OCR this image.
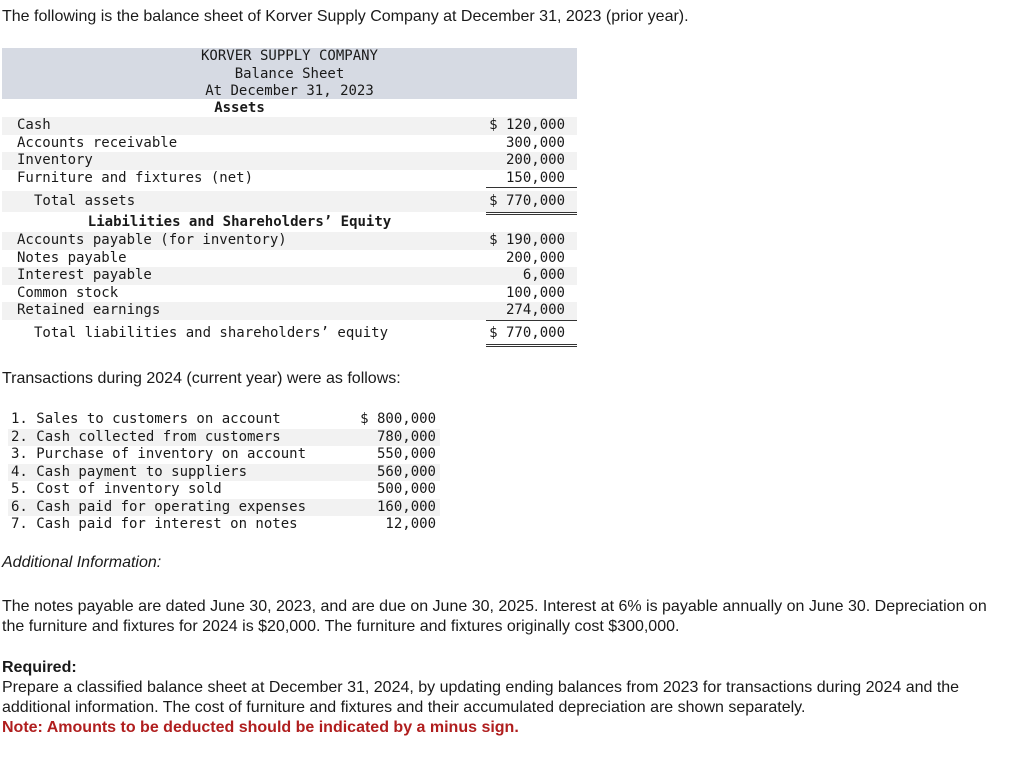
The following is the balance sheet of Korver Supply Company at December 31, 2023 (prior year).
KORVER SUPPLY COMPANY
Balance Sheet
At December 31, 2023
Assets
Cash	$ 120,000
Accounts receivable	300,000
Inventory	200,000
Furniture and fixtures (net)	150,000
Total assets	$ 770,000
Liabilities and Shareholders’ Equity
Accounts payable (for inventory)	$ 190,000
Notes payable	200,000
Interest payable	6,000
Common stock	100,000
Retained earnings	274,000
Total liabilities and shareholders’ equity	$ 770,000
Transactions during 2024 (current year) were as follows:
1. Sales to customers on account	$ 800,000
2. Cash collected from customers	780,000
3. Purchase of inventory on account	550,000
4. Cash payment to suppliers	560,000
5. Cost of inventory sold	500,000
6. Cash paid for operating expenses	160,000
7. Cash paid for interest on notes	12,000
Additional Information:
The notes payable are dated June 30, 2023, and are due on June 30, 2025. Interest at 6% is payable annually on June 30. Depreciation on the furniture and fixtures for 2024 is $20,000. The furniture and fixtures originally cost $300,000.
Required:
Prepare a classified balance sheet at December 31, 2024, by updating ending balances from 2023 for transactions during 2024 and the additional information. The cost of furniture and fixtures and their accumulated depreciation are shown separately.
Note: Amounts to be deducted should be indicated by a minus sign.
